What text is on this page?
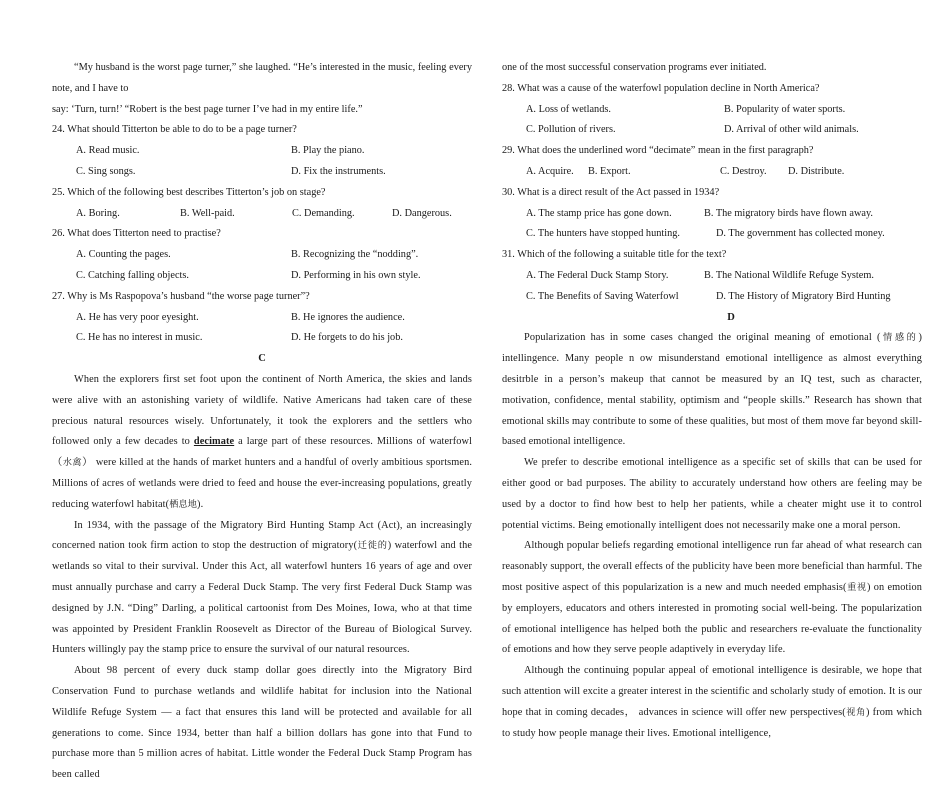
“My husband is the worst page turner,” she laughed. “He’s interested in the music, feeling every note, and I have to

say: ‘Turn, turn!’ “Robert is the best page turner I’ve had in my entire life.”

24. What should Titterton be able to do to be a page turner?

A. Read music.	B. Play the piano.

C. Sing songs.	D. Fix the instruments.

25. Which of the following best describes Titterton’s job on stage?

A. Boring.	B. Well-paid.	C. Demanding.	D. Dangerous.

26. What does Titterton need to practise?

A. Counting the pages.	B. Recognizing the “nodding”.

C. Catching falling objects.	D. Performing in his own style.

27. Why is Ms Raspopova’s husband “the worse page turner”?

A. He has very poor eyesight.	B. He ignores the audience.

C. He has no interest in music.	D. He forgets to do his job.

C

When the explorers first set foot upon the continent of North America, the skies and lands were alive with an astonishing variety of wildlife. Native Americans had taken care of these precious natural resources wisely. Unfortunately, it took the explorers and the settlers who followed only a few decades to decimate a large part of these resources. Millions of waterfowl（水禽） were killed at the hands of market hunters and a handful of overly ambitious sportsmen. Millions of acres of wetlands were dried to feed and house the ever-increasing populations, greatly reducing waterfowl habitat(栖息地).

In 1934, with the passage of the Migratory Bird Hunting Stamp Act (Act), an increasingly concerned nation took firm action to stop the destruction of migratory(迁徙的) waterfowl and the wetlands so vital to their survival. Under this Act, all waterfowl hunters 16 years of age and over must annually purchase and carry a Federal Duck Stamp. The very first Federal Duck Stamp was designed by J.N. “Ding” Darling, a political cartoonist from Des Moines, Iowa, who at that time was appointed by President Franklin Roosevelt as Director of the Bureau of Biological Survey. Hunters willingly pay the stamp price to ensure the survival of our natural resources.

About 98 percent of every duck stamp dollar goes directly into the Migratory Bird Conservation Fund to purchase wetlands and wildlife habitat for inclusion into the National Wildlife Refuge System — a fact that ensures this land will be protected and available for all generations to come. Since 1934, better than half a billion dollars has gone into that Fund to purchase more than 5 million acres of habitat. Little wonder the Federal Duck Stamp Program has been called

one of the most successful conservation programs ever initiated.

28. What was a cause of the waterfowl population decline in North America?

A. Loss of wetlands.	B. Popularity of water sports.

C. Pollution of rivers.	D. Arrival of other wild animals.

29. What does the underlined word “decimate” mean in the first paragraph?

A. Acquire. B. Export.	C. Destroy. D. Distribute.

30. What is a direct result of the Act passed in 1934?

A. The stamp price has gone down.	B. The migratory birds have flown away.

C. The hunters have stopped hunting.	D. The government has collected money.

31. Which of the following a suitable title for the text?

A. The Federal Duck Stamp Story.	B. The National Wildlife Refuge System.

C. The Benefits of Saving Waterfowl	D. The History of Migratory Bird Hunting

D

Popularization has in some cases changed the original meaning of emotional (情感的) intellingence. Many people n ow misunderstand emotional intelligence as almost everything desitrble in a person’s makeup that cannot be measured by an IQ test, such as character, motivation, confidence, mental stability, optimism and “people skills.” Research has shown that emotional skills may contribute to some of these qualities, but most of them move far beyond skill-based emotional intelligence.

We prefer to describe emotional intelligence as a specific set of skills that can be used for either good or bad purposes. The ability to accurately understand how others are feeling may be used by a doctor to find how best to help her patients, while a cheater might use it to control potential victims. Being emotionally intelligent does not necessarily make one a moral person.

Although popular beliefs regarding emotional intelligence run far ahead of what research can reasonably support, the overall effects of the publicity have been more beneficial than harmful. The most positive aspect of this popularization is a new and much needed emphasis(重视) on emotion by employers, educators and others interested in promoting social well-being. The popularization of emotional intelligence has helped both the public and researchers re-evaluate the functionality of emotions and how they serve people adaptively in everyday life.

Although the continuing popular appeal of emotional intelligence is desirable, we hope that such attention will excite a greater interest in the scientific and scholarly study of emotion. It is our hope that in coming decades， advances in science will offer new perspectives(视角) from which to study how people manage their lives. Emotional intelligence,
